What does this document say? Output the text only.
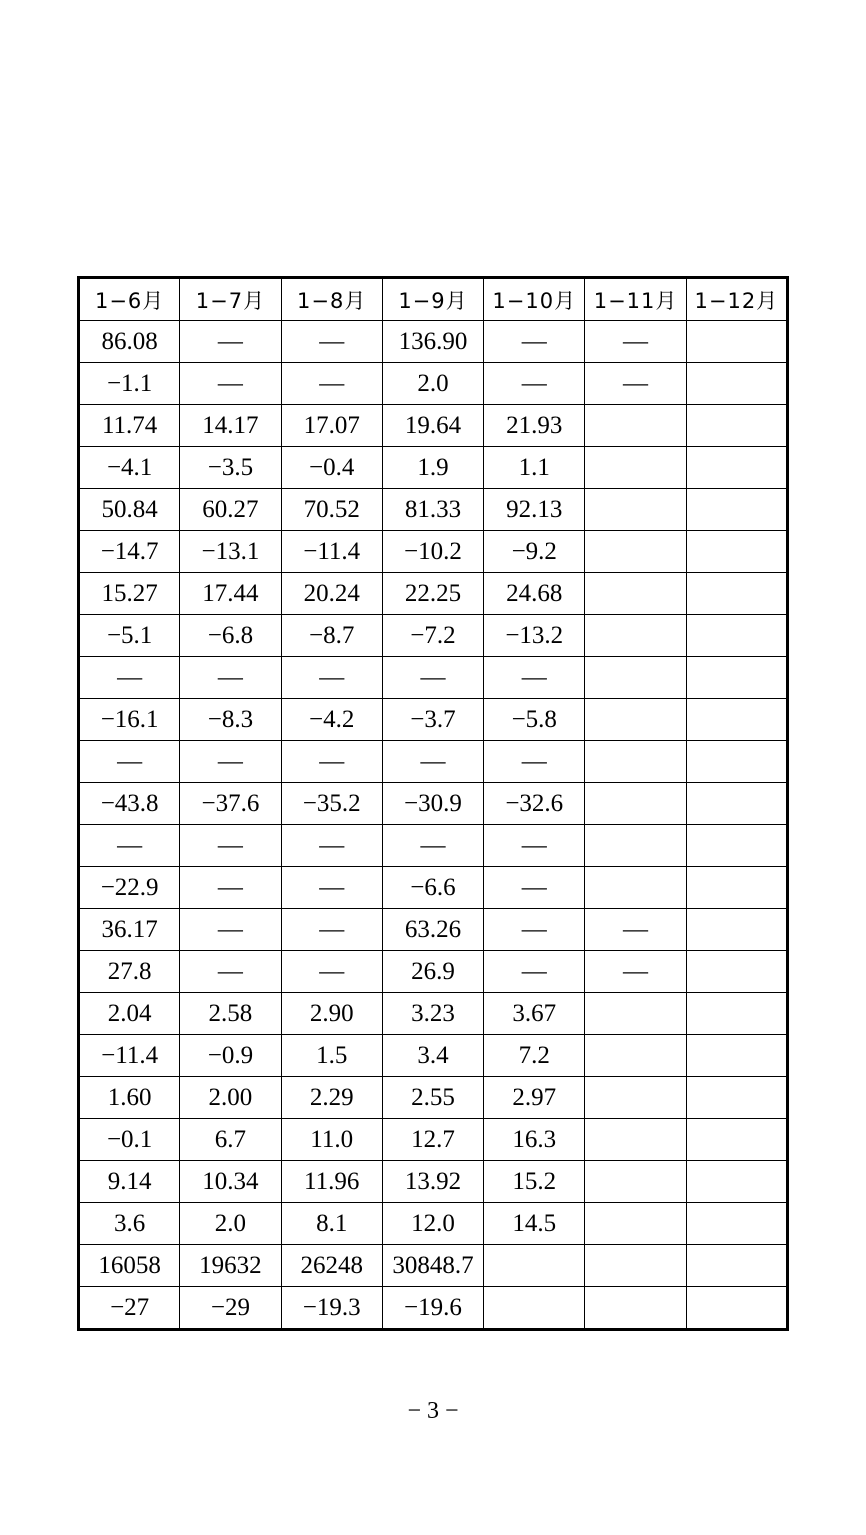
1−6月	1−7月	1−8月	1−9月	1−10月	1−11月	1−12月
86.08	—	—	136.90	—	—	
−1.1	—	—	2.0	—	—	
11.74	14.17	17.07	19.64	21.93		
−4.1	−3.5	−0.4	1.9	1.1		
50.84	60.27	70.52	81.33	92.13		
−14.7	−13.1	−11.4	−10.2	−9.2		
15.27	17.44	20.24	22.25	24.68		
−5.1	−6.8	−8.7	−7.2	−13.2		
—	—	—	—	—		
−16.1	−8.3	−4.2	−3.7	−5.8		
—	—	—	—	—		
−43.8	−37.6	−35.2	−30.9	−32.6		
—	—	—	—	—		
−22.9	—	—	−6.6	—		
36.17	—	—	63.26	—	—	
27.8	—	—	26.9	—	—	
2.04	2.58	2.90	3.23	3.67		
−11.4	−0.9	1.5	3.4	7.2		
1.60	2.00	2.29	2.55	2.97		
−0.1	6.7	11.0	12.7	16.3		
9.14	10.34	11.96	13.92	15.2		
3.6	2.0	8.1	12.0	14.5		
16058	19632	26248	30848.7			
−27	−29	−19.3	−19.6			
− 3 −
